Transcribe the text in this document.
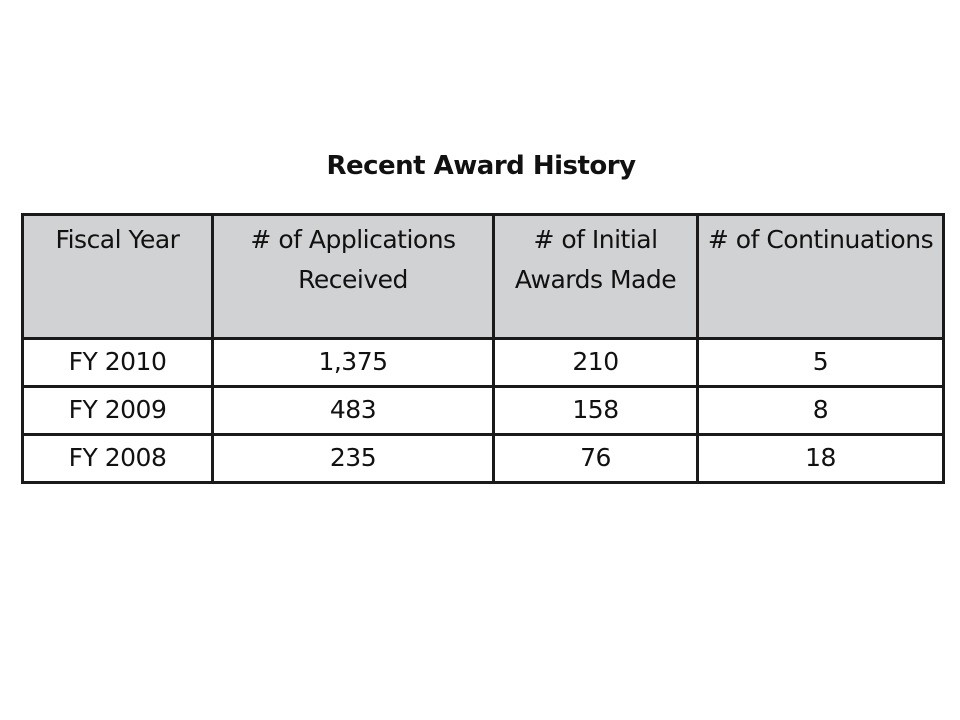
Recent Award History
Fiscal Year	# of Applications Received	# of Initial Awards Made	# of Continuations
FY 2010	1,375	210	5
FY 2009	483	158	8
FY 2008	235	76	18
